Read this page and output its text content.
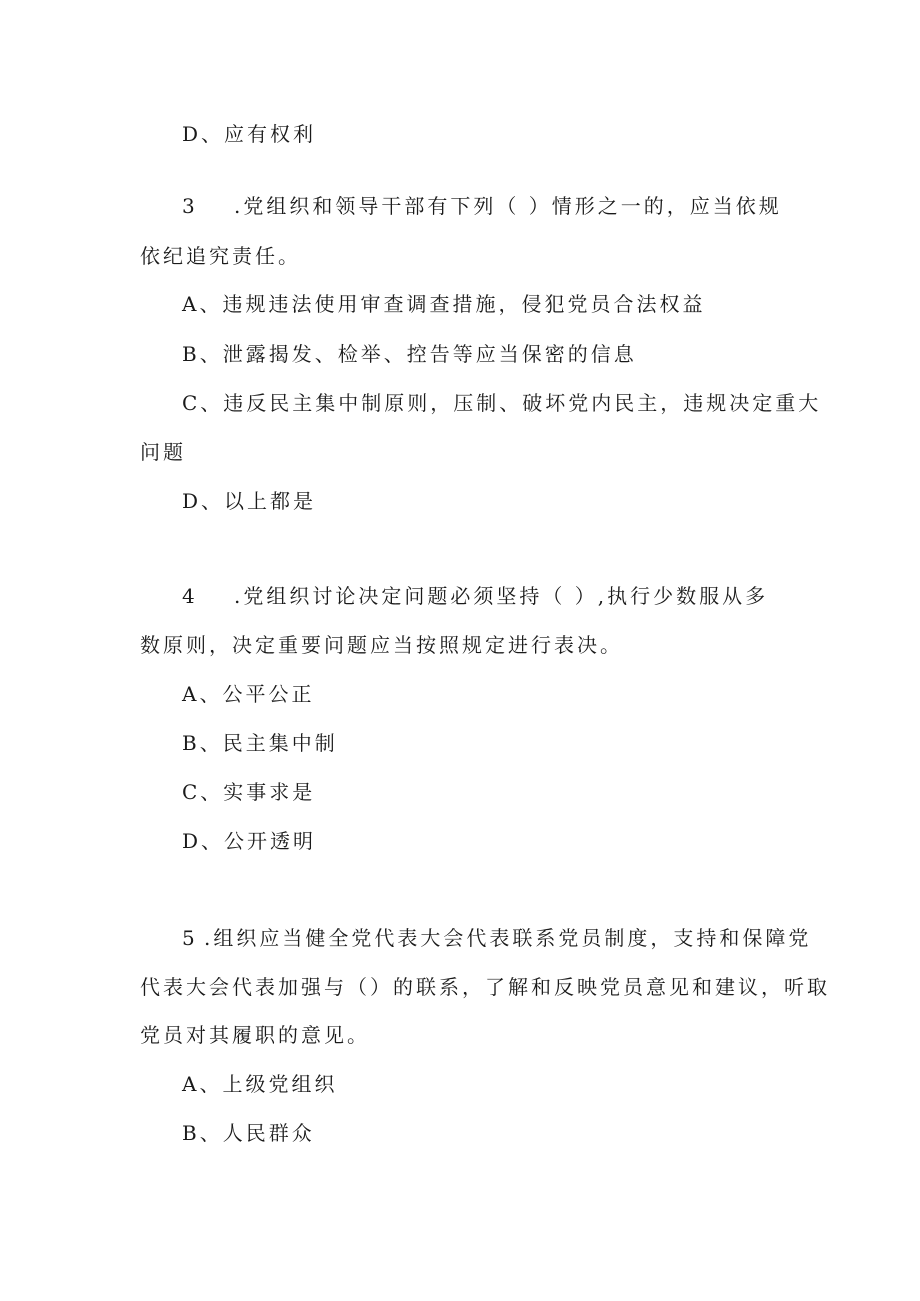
D、应有权利
3 .党组织和领导干部有下列（ ）情形之一的，应当依规
依纪追究责任。
A、违规违法使用审查调查措施，侵犯党员合法权益
B、泄露揭发、检举、控告等应当保密的信息
C、违反民主集中制原则，压制、破坏党内民主，违规决定重大
问题
D、以上都是
4 .党组织讨论决定问题必须坚持（ ）,执行少数服从多
数原则，决定重要问题应当按照规定进行表决。
A、公平公正
B、民主集中制
C、实事求是
D、公开透明
5 .组织应当健全党代表大会代表联系党员制度，支持和保障党
代表大会代表加强与（）的联系，了解和反映党员意见和建议，听取
党员对其履职的意见。
A、上级党组织
B、人民群众
